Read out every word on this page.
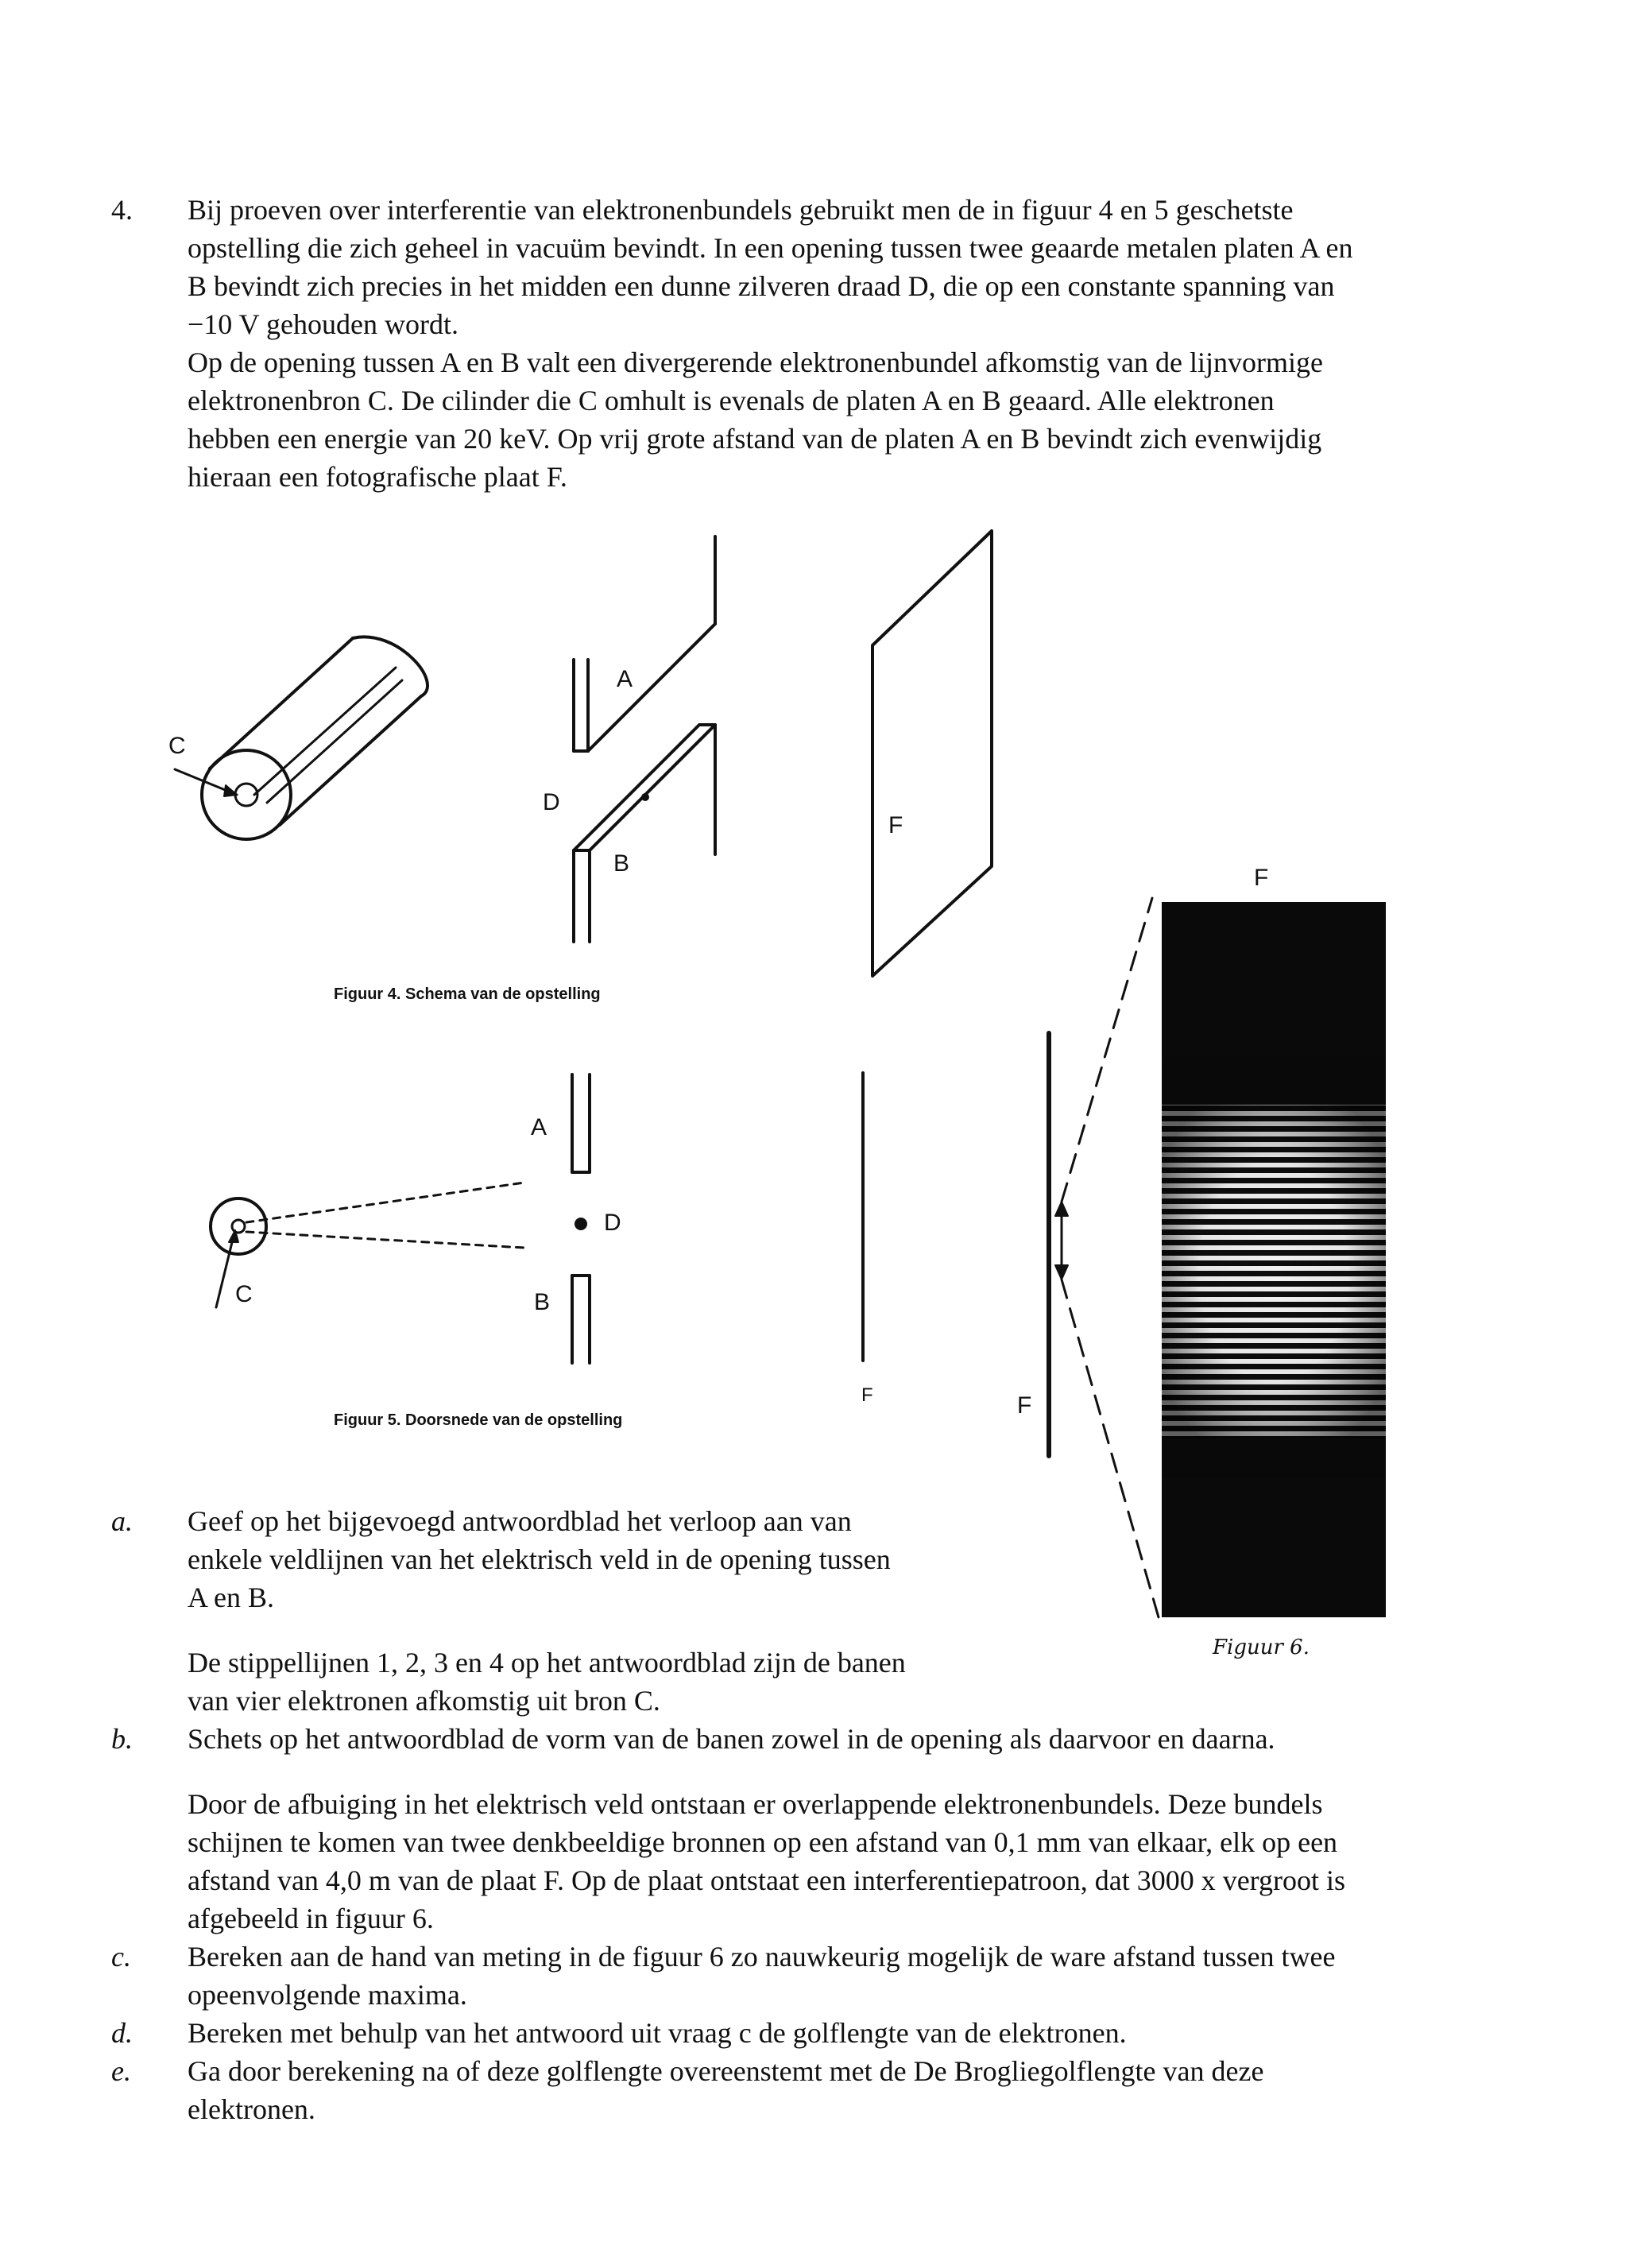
4. Bij proeven over interferentie van elektronenbundels gebruikt men de in figuur 4 en 5 geschetste
opstelling die zich geheel in vacuüm bevindt. In een opening tussen twee geaarde metalen platen A en
B bevindt zich precies in het midden een dunne zilveren draad D, die op een constante spanning van
−10 V gehouden wordt.
Op de opening tussen A en B valt een divergerende elektronenbundel afkomstig van de lijnvormige
elektronenbron C. De cilinder die C omhult is evenals de platen A en B geaard. Alle elektronen
hebben een energie van 20 keV. Op vrij grote afstand van de platen A en B bevindt zich evenwijdig
hieraan een fotografische plaat F.
C
A
D
B
F
Figuur 4. Schema van de opstelling
A
D
C	B
F
Figuur 5. Doorsnede van de opstelling
F
F
Figuur 6.
a. Geef op het bijgevoegd antwoordblad het verloop aan van
enkele veldlijnen van het elektrisch veld in de opening tussen
A en B.
De stippellijnen 1, 2, 3 en 4 op het antwoordblad zijn de banen
van vier elektronen afkomstig uit bron C.
b. Schets op het antwoordblad de vorm van de banen zowel in de opening als daarvoor en daarna.
Door de afbuiging in het elektrisch veld ontstaan er overlappende elektronenbundels. Deze bundels
schijnen te komen van twee denkbeeldige bronnen op een afstand van 0,1 mm van elkaar, elk op een
afstand van 4,0 m van de plaat F. Op de plaat ontstaat een interferentiepatroon, dat 3000 x vergroot is
afgebeeld in figuur 6.
c. Bereken aan de hand van meting in de figuur 6 zo nauwkeurig mogelijk de ware afstand tussen twee
opeenvolgende maxima.
d. Bereken met behulp van het antwoord uit vraag c de golflengte van de elektronen.
e. Ga door berekening na of deze golflengte overeenstemt met de De Brogliegolflengte van deze
elektronen.
